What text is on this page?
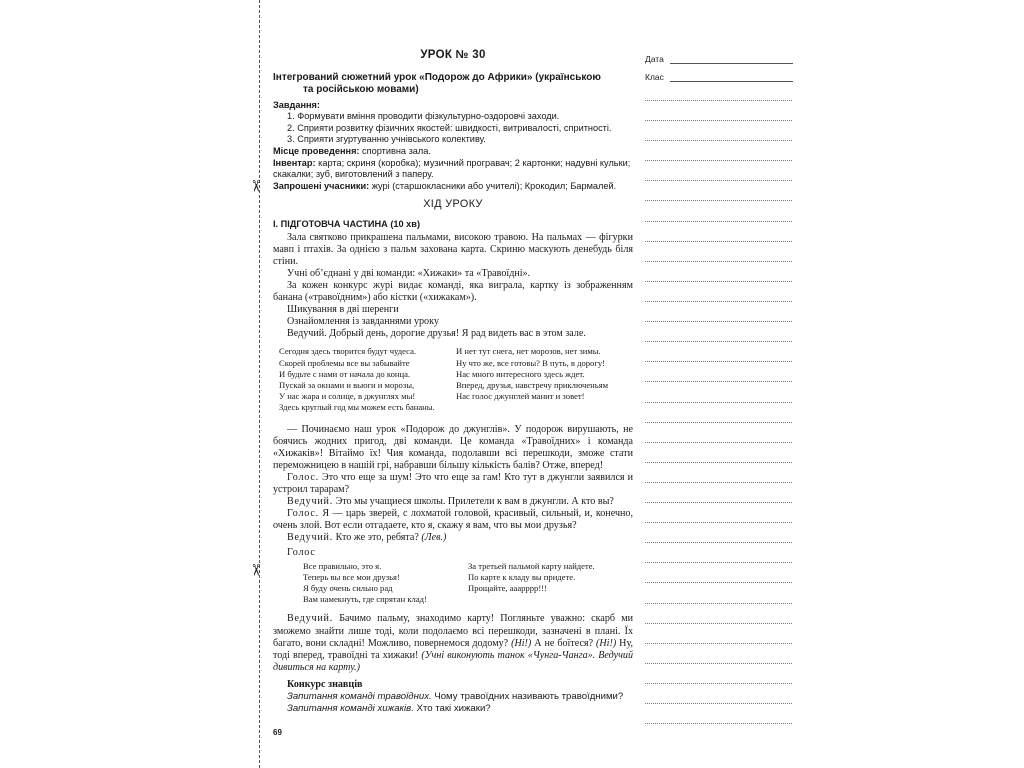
✂
✂
УРОК № 30
Інтегрований сюжетний урок «Подорож до Африки» (українською
та російською мовами)
Завдання:
1. Формувати вміння проводити фізкультурно-оздоровчі заходи.
2. Сприяти розвитку фізичних якостей: швидкості, витривалості, спритності.
3. Сприяти згуртуванню учнівського колективу.
Місце проведення: спортивна зала.
Інвентар: карта; скриня (коробка); музичний програвач; 2 картонки; надувні кульки; скакалки; зуб, виготовлений з паперу.
Запрошені учасники: журі (старшокласники або учителі); Крокодил; Бармалей.
ХІД УРОКУ
І. ПІДГОТОВЧА ЧАСТИНА (10 хв)
Зала святково прикрашена пальмами, високою травою. На пальмах — фігурки мавп і птахів. За однією з пальм захована карта. Скриню маскують денебудь біля стіни.
Учні об’єднані у дві команди: «Хижаки» та «Травоїдні».
За кожен конкурс журі видає команді, яка виграла, картку із зображенням банана («травоїдним») або кістки («хижакам»).
Шикування в дві шеренги
Ознайомлення із завданнями уроку
Ведучий. Добрый день, дорогие друзья! Я рад видеть вас в этом зале.
Сегодня здесь творится будут чудеса.
Скорей проблемы все вы забывайте
И будьте с нами от начала до конца.
Пускай за окнами и вьюги и морозы,
У нас жара и солнце, в джунглях мы!
Здесь круглый год мы можем есть бананы.
И нет тут снега, нет морозов, нет зимы.
Ну что же, все готовы? В путь, в дорогу!
Нас много интересного здесь ждет.
Вперед, друзья, навстречу приключеньям
Нас голос джунглей манит и зовет!
— Починаємо наш урок «Подорож до джунглів». У подорож вирушають, не боячись жодних пригод, дві команди. Це команда «Травоїдних» і команда «Хижаків»! Вітаймо їх! Чия команда, подолавши всі перешкоди, зможе стати переможницею в нашій грі, набравши більшу кількість балів? Отже, вперед!
Голос. Это что еще за шум! Это что еще за гам! Кто тут в джунгли заявился и устроил тарарам?
Ведучий. Это мы учащиеся школы. Прилетели к вам в джунгли. А кто вы?
Голос. Я — царь зверей, с лохматой головой, красивый, сильный, и, конечно, очень злой. Вот если отгадаете, кто я, скажу я вам, что вы мои друзья?
Ведучий. Кто же это, ребята? (Лев.)
Голос
Все правильно, это я.
Теперь вы все мои друзья!
Я буду очень сильно рад
Вам намекнуть, где спрятан клад!
За третьей пальмой карту найдете.
По карте к кладу вы придете.
Прощайте, ааарррр!!!
Ведучий. Бачимо пальму, знаходимо карту! Погляньте уважно: скарб ми зможемо знайти лише тоді, коли подолаємо всі перешкоди, зазначені в плані. Їх багато, вони складні! Можливо, повернемося додому? (Ні!) А не боїтеся? (Ні!) Ну, тоді вперед, травоїдні та хижаки! (Учні виконують танок «Чунга-Чанга». Ведучий дивиться на карту.)
Конкурс знавців
Запитання команді травоїдних. Чому травоїдних називають травоїдними?
Запитання команді хижаків. Хто такі хижаки?
69
Дата
Клас
